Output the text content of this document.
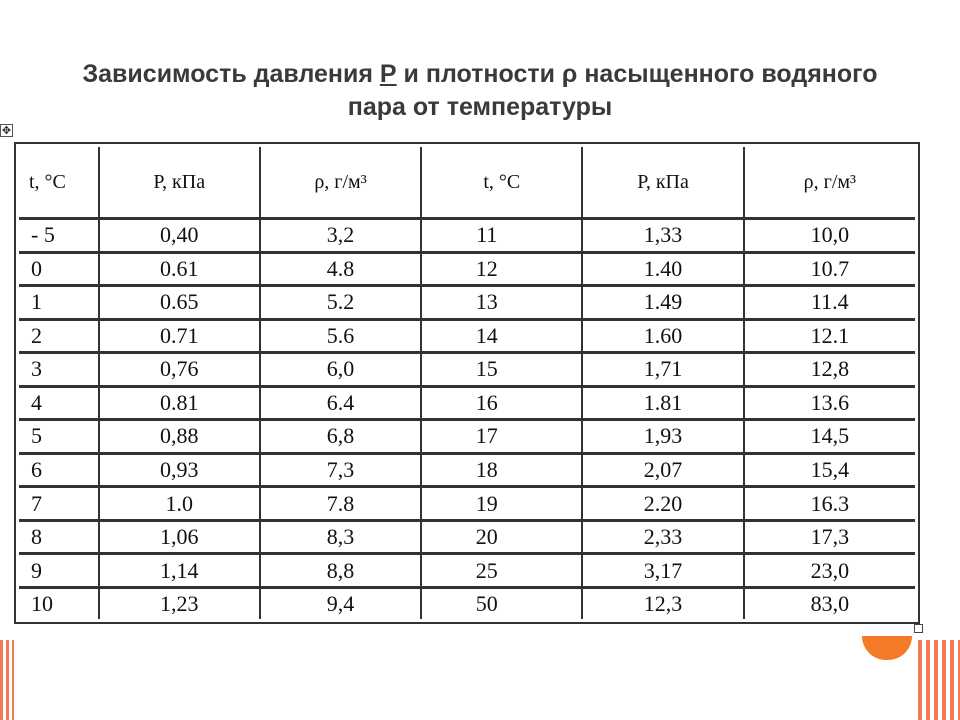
Зависимость давления Р и плотности ρ насыщенного водяного
пара от температуры
✥
t, °C	Р, кПа	ρ, г/м³	t, °C	Р, кПа	ρ, г/м³
- 5	0,40	3,2	11	1,33	10,0
0	0.61	4.8	12	1.40	10.7
1	0.65	5.2	13	1.49	11.4
2	0.71	5.6	14	1.60	12.1
3	0,76	6,0	15	1,71	12,8
4	0.81	6.4	16	1.81	13.6
5	0,88	6,8	17	1,93	14,5
6	0,93	7,3	18	2,07	15,4
7	1.0	7.8	19	2.20	16.3
8	1,06	8,3	20	2,33	17,3
9	1,14	8,8	25	3,17	23,0
10	1,23	9,4	50	12,3	83,0
